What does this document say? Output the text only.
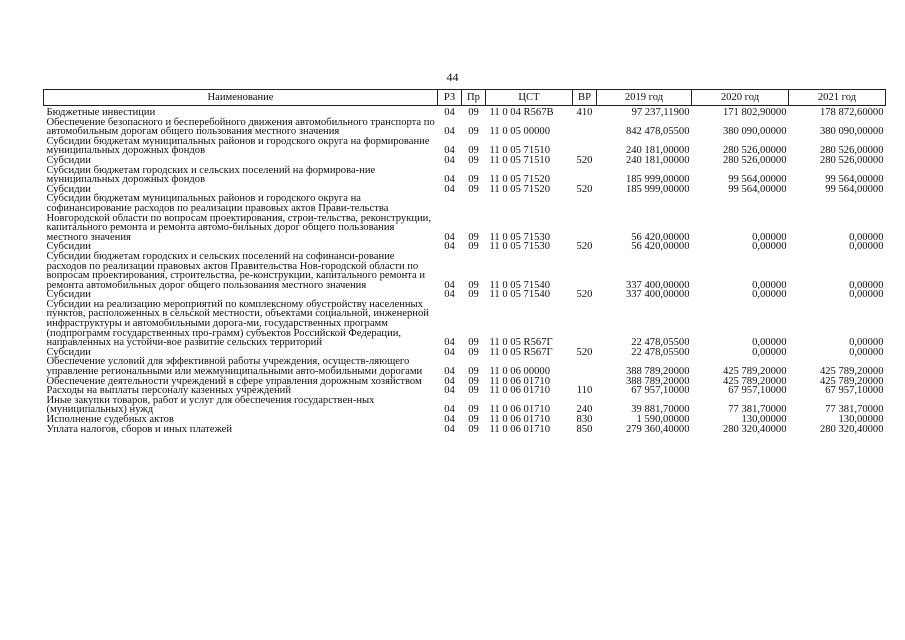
44
Наименование	РЗ	Пр	ЦСТ	ВР	2019 год	2020 год	2021 год
Бюджетные инвестиции	04	09	11 0 04 R567В	410	97 237,11900	171 802,90000	178 872,60000
Обеспечение безопасного и бесперебойного движения автомобильного транспорта по автомобильным дорогам общего пользования местного значения	04	09	11 0 05 00000		842 478,05500	380 090,00000	380 090,00000
Субсидии бюджетам муниципальных районов и городского округа на формирование муниципальных дорожных фондов	04	09	11 0 05 71510		240 181,00000	280 526,00000	280 526,00000
Субсидии	04	09	11 0 05 71510	520	240 181,00000	280 526,00000	280 526,00000
Субсидии бюджетам городских и сельских поселений на формирова-ние муниципальных дорожных фондов	04	09	11 0 05 71520		185 999,00000	99 564,00000	99 564,00000
Субсидии	04	09	11 0 05 71520	520	185 999,00000	99 564,00000	99 564,00000
Субсидии бюджетам муниципальных районов и городского округа на софинансирование расходов по реализации правовых актов Прави-тельства Новгородской области по вопросам проектирования, строи-тельства, реконструкции, капитального ремонта и ремонта автомо-бильных дорог общего пользования местного значения	04	09	11 0 05 71530		56 420,00000	0,00000	0,00000
Субсидии	04	09	11 0 05 71530	520	56 420,00000	0,00000	0,00000
Субсидии бюджетам городских и сельских поселений на софинанси-рование расходов по реализации правовых актов Правительства Нов-городской области по вопросам проектирования, строительства, ре-конструкции, капитального ремонта и ремонта автомобильных дорог общего пользования местного значения	04	09	11 0 05 71540		337 400,00000	0,00000	0,00000
Субсидии	04	09	11 0 05 71540	520	337 400,00000	0,00000	0,00000
Субсидии на реализацию мероприятий по комплексному обустройству населенных пунктов, расположенных в сельской местности, объектами социальной, инженерной инфраструктуры и автомобильными дорога-ми, государственных программ (подпрограмм государственных про-грамм) субъектов Российской Федерации, направленных на устойчи-вое развитие сельских территорий	04	09	11 0 05 R567Г		22 478,05500	0,00000	0,00000
Субсидии	04	09	11 0 05 R567Г	520	22 478,05500	0,00000	0,00000
Обеспечение условий для эффективной работы учреждения, осуществ-ляющего управление региональными или межмуниципальными авто-мобильными дорогами	04	09	11 0 06 00000		388 789,20000	425 789,20000	425 789,20000
Обеспечение деятельности учреждений в сфере управления дорожным хозяйством	04	09	11 0 06 01710		388 789,20000	425 789,20000	425 789,20000
Расходы на выплаты персоналу казенных учреждений	04	09	11 0 06 01710	110	67 957,10000	67 957,10000	67 957,10000
Иные закупки товаров, работ и услуг для обеспечения государствен-ных (муниципальных) нужд	04	09	11 0 06 01710	240	39 881,70000	77 381,70000	77 381,70000
Исполнение судебных актов	04	09	11 0 06 01710	830	1 590,00000	130,00000	130,00000
Уплата налогов, сборов и иных платежей	04	09	11 0 06 01710	850	279 360,40000	280 320,40000	280 320,40000
